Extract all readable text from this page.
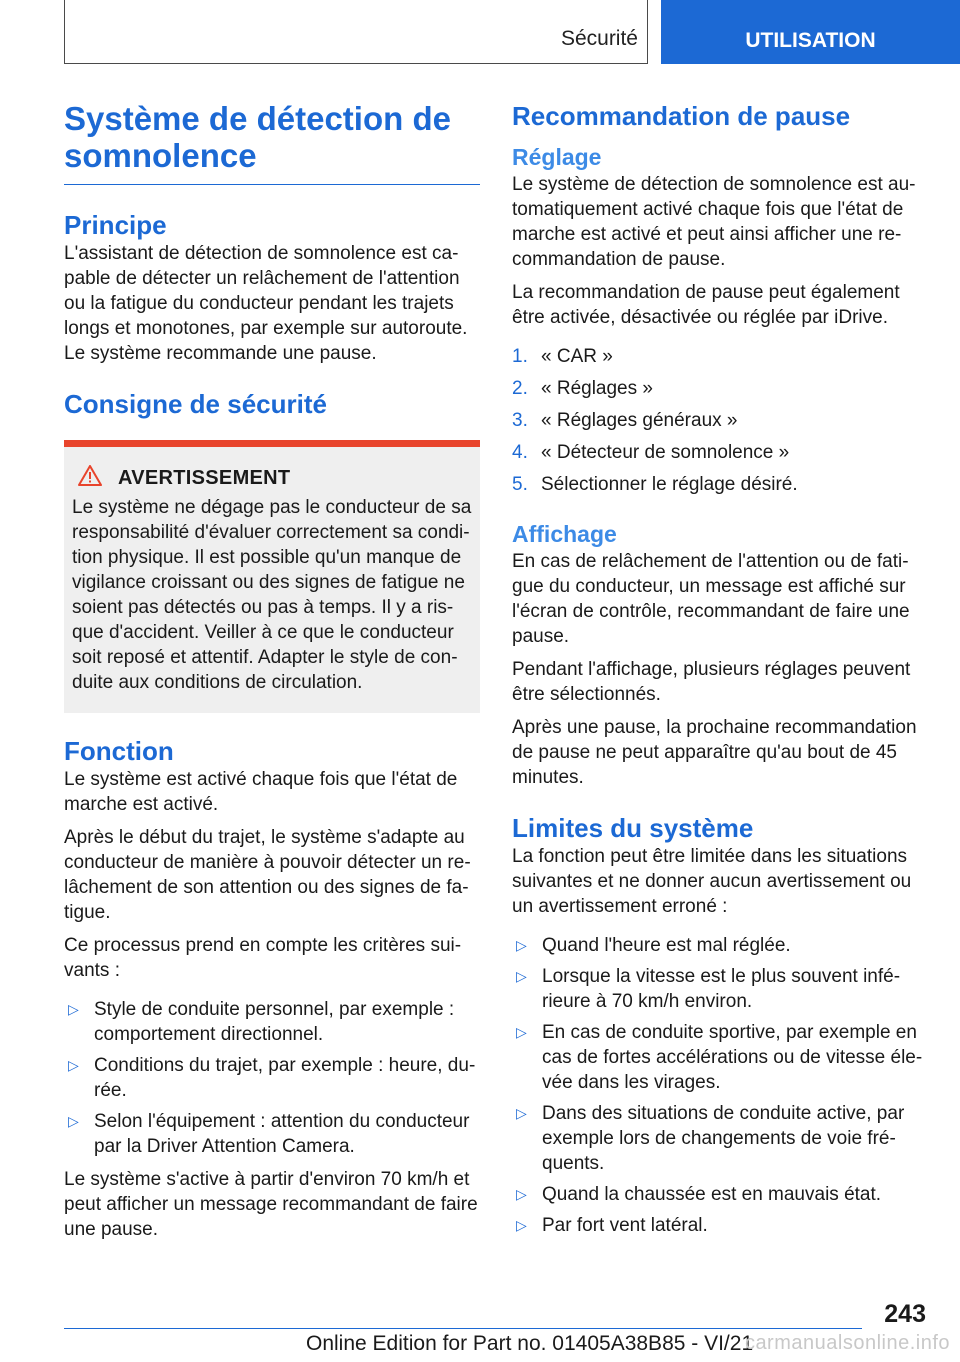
Sécurité	UTILISATION
Système de détection de somnolence
Principe

L'assistant de détection de somnolence est capable de détecter un relâchement de l'attention ou la fatigue du conducteur pendant les trajets longs et monotones, par exemple sur autoroute. Le système recommande une pause.

Consigne de sécurité
AVERTISSEMENT

Le système ne dégage pas le conducteur de sa responsabilité d'évaluer correctement sa condition physique. Il est possible qu'un manque de vigilance croissant ou des signes de fatigue ne soient pas détectés ou pas à temps. Il y a risque d'accident. Veiller à ce que le conducteur soit reposé et attentif. Adapter le style de conduite aux conditions de circulation.

Fonction

Le système est activé chaque fois que l'état de marche est activé.

Après le début du trajet, le système s'adapte au conducteur de manière à pouvoir détecter un relâchement de son attention ou des signes de fatigue.

Ce processus prend en compte les critères suivants :

▷ Style de conduite personnel, par exemple : comportement directionnel.
▷ Conditions du trajet, par exemple : heure, durée.
▷ Selon l'équipement : attention du conducteur par la Driver Attention Camera.

Le système s'active à partir d'environ 70 km/h et peut afficher un message recommandant de faire une pause.

Recommandation de pause
Réglage

Le système de détection de somnolence est automatiquement activé chaque fois que l'état de marche est activé et peut ainsi afficher une recommandation de pause.

La recommandation de pause peut également être activée, désactivée ou réglée par iDrive.

1. « CAR »
2. « Réglages »
3. « Réglages généraux »
4. « Détecteur de somnolence »
5. Sélectionner le réglage désiré.
Affichage

En cas de relâchement de l'attention ou de fatigue du conducteur, un message est affiché sur l'écran de contrôle, recommandant de faire une pause.

Pendant l'affichage, plusieurs réglages peuvent être sélectionnés.

Après une pause, la prochaine recommandation de pause ne peut apparaître qu'au bout de 45 minutes.

Limites du système

La fonction peut être limitée dans les situations suivantes et ne donner aucun avertissement ou un avertissement erroné :

▷ Quand l'heure est mal réglée.
▷ Lorsque la vitesse est le plus souvent inférieure à 70 km/h environ.
▷ En cas de conduite sportive, par exemple en cas de fortes accélérations ou de vitesse élevée dans les virages.
▷ Dans des situations de conduite active, par exemple lors de changements de voie fréquents.
▷ Quand la chaussée est en mauvais état.
▷ Par fort vent latéral.
243
Online Edition for Part no. 01405A38B85 - VI/21
carmanualsonline.info
